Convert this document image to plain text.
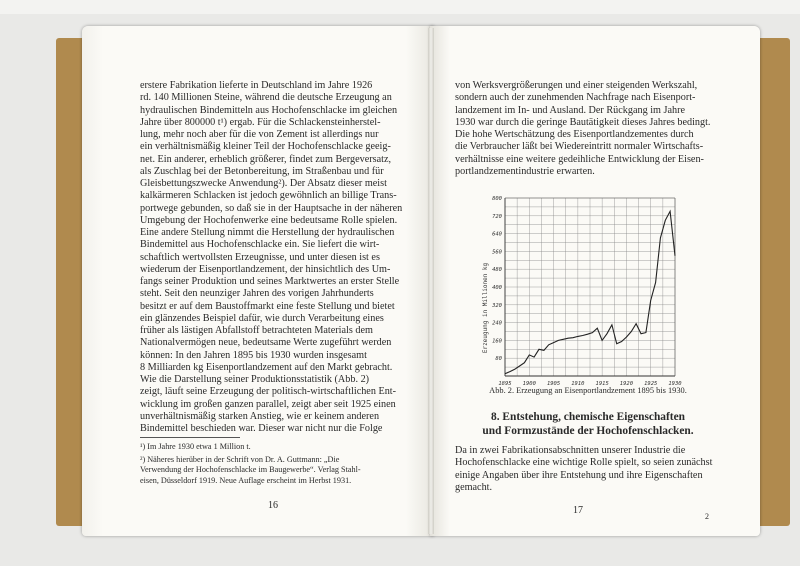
erstere Fabrikation lieferte in Deutschland im Jahre 1926
rd. 140 Millionen Steine, während die deutsche Erzeugung an
hydraulischen Bindemitteln aus Hochofenschlacke im gleichen
Jahre über 800000 t¹) ergab. Für die Schlackensteinherstel-
lung, mehr noch aber für die von Zement ist allerdings nur
ein verhältnismäßig kleiner Teil der Hochofenschlacke geeig-
net. Ein anderer, erheblich größerer, findet zum Bergeversatz,
als Zuschlag bei der Betonbereitung, im Straßenbau und für
Gleisbettungszwecke Anwendung²). Der Absatz dieser meist
kalkärmeren Schlacken ist jedoch gewöhnlich an billige Trans-
portwege gebunden, so daß sie in der Hauptsache in der näheren
Umgebung der Hochofenwerke eine bedeutsame Rolle spielen.
Eine andere Stellung nimmt die Herstellung der hydraulischen
Bindemittel aus Hochofenschlacke ein. Sie liefert die wirt-
schaftlich wertvollsten Erzeugnisse, und unter diesen ist es
wiederum der Eisenportlandzement, der hinsichtlich des Um-
fangs seiner Produktion und seines Marktwertes an erster Stelle
steht. Seit den neunziger Jahren des vorigen Jahrhunderts
besitzt er auf dem Baustoffmarkt eine feste Stellung und bietet
ein glänzendes Beispiel dafür, wie durch Verarbeitung eines
früher als lästigen Abfallstoff betrachteten Materials dem
Nationalvermögen neue, bedeutsame Werte zugeführt werden
können: In den Jahren 1895 bis 1930 wurden insgesamt
8 Milliarden kg Eisenportlandzement auf den Markt gebracht.
Wie die Darstellung seiner Produktionsstatistik (Abb. 2)
zeigt, läuft seine Erzeugung der politisch-wirtschaftlichen Ent-
wicklung im großen ganzen parallel, zeigt aber seit 1925 einen
unverhältnismäßig starken Anstieg, wie er keinem anderen
Bindemittel beschieden war. Dieser war nicht nur die Folge
¹) Im Jahre 1930 etwa 1 Million t.
²) Näheres hierüber in der Schrift von Dr. A. Guttmann: „Die
Verwendung der Hochofenschlacke im Baugewerbe“. Verlag Stahl-
eisen, Düsseldorf 1919. Neue Auflage erscheint im Herbst 1931.
16
von Werksvergrößerungen und einer steigenden Werkszahl,
sondern auch der zunehmenden Nachfrage nach Eisenport-
landzement im In- und Ausland. Der Rückgang im Jahre
1930 war durch die geringe Bautätigkeit dieses Jahres bedingt.
Die hohe Wertschätzung des Eisenportlandzementes durch
die Verbraucher läßt bei Wiedereintritt normaler Wirtschafts-
verhältnisse eine weitere gedeihliche Entwicklung der Eisen-
portlandzementindustrie erwarten.
80
160
240
320
400
480
560
640
720
800
1895 1900 1905 1910 1915 1920 1925 1930
Erzeugung in Millionen kg
Abb. 2. Erzeugung an Eisenportlandzement 1895 bis 1930.
8. Entstehung, chemische Eigenschaften
und Formzustände der Hochofenschlacken.
Da in zwei Fabrikationsabschnitten unserer Industrie die
Hochofenschlacke eine wichtige Rolle spielt, so seien zunächst
einige Angaben über ihre Entstehung und ihre Eigenschaften
gemacht.
17
2
